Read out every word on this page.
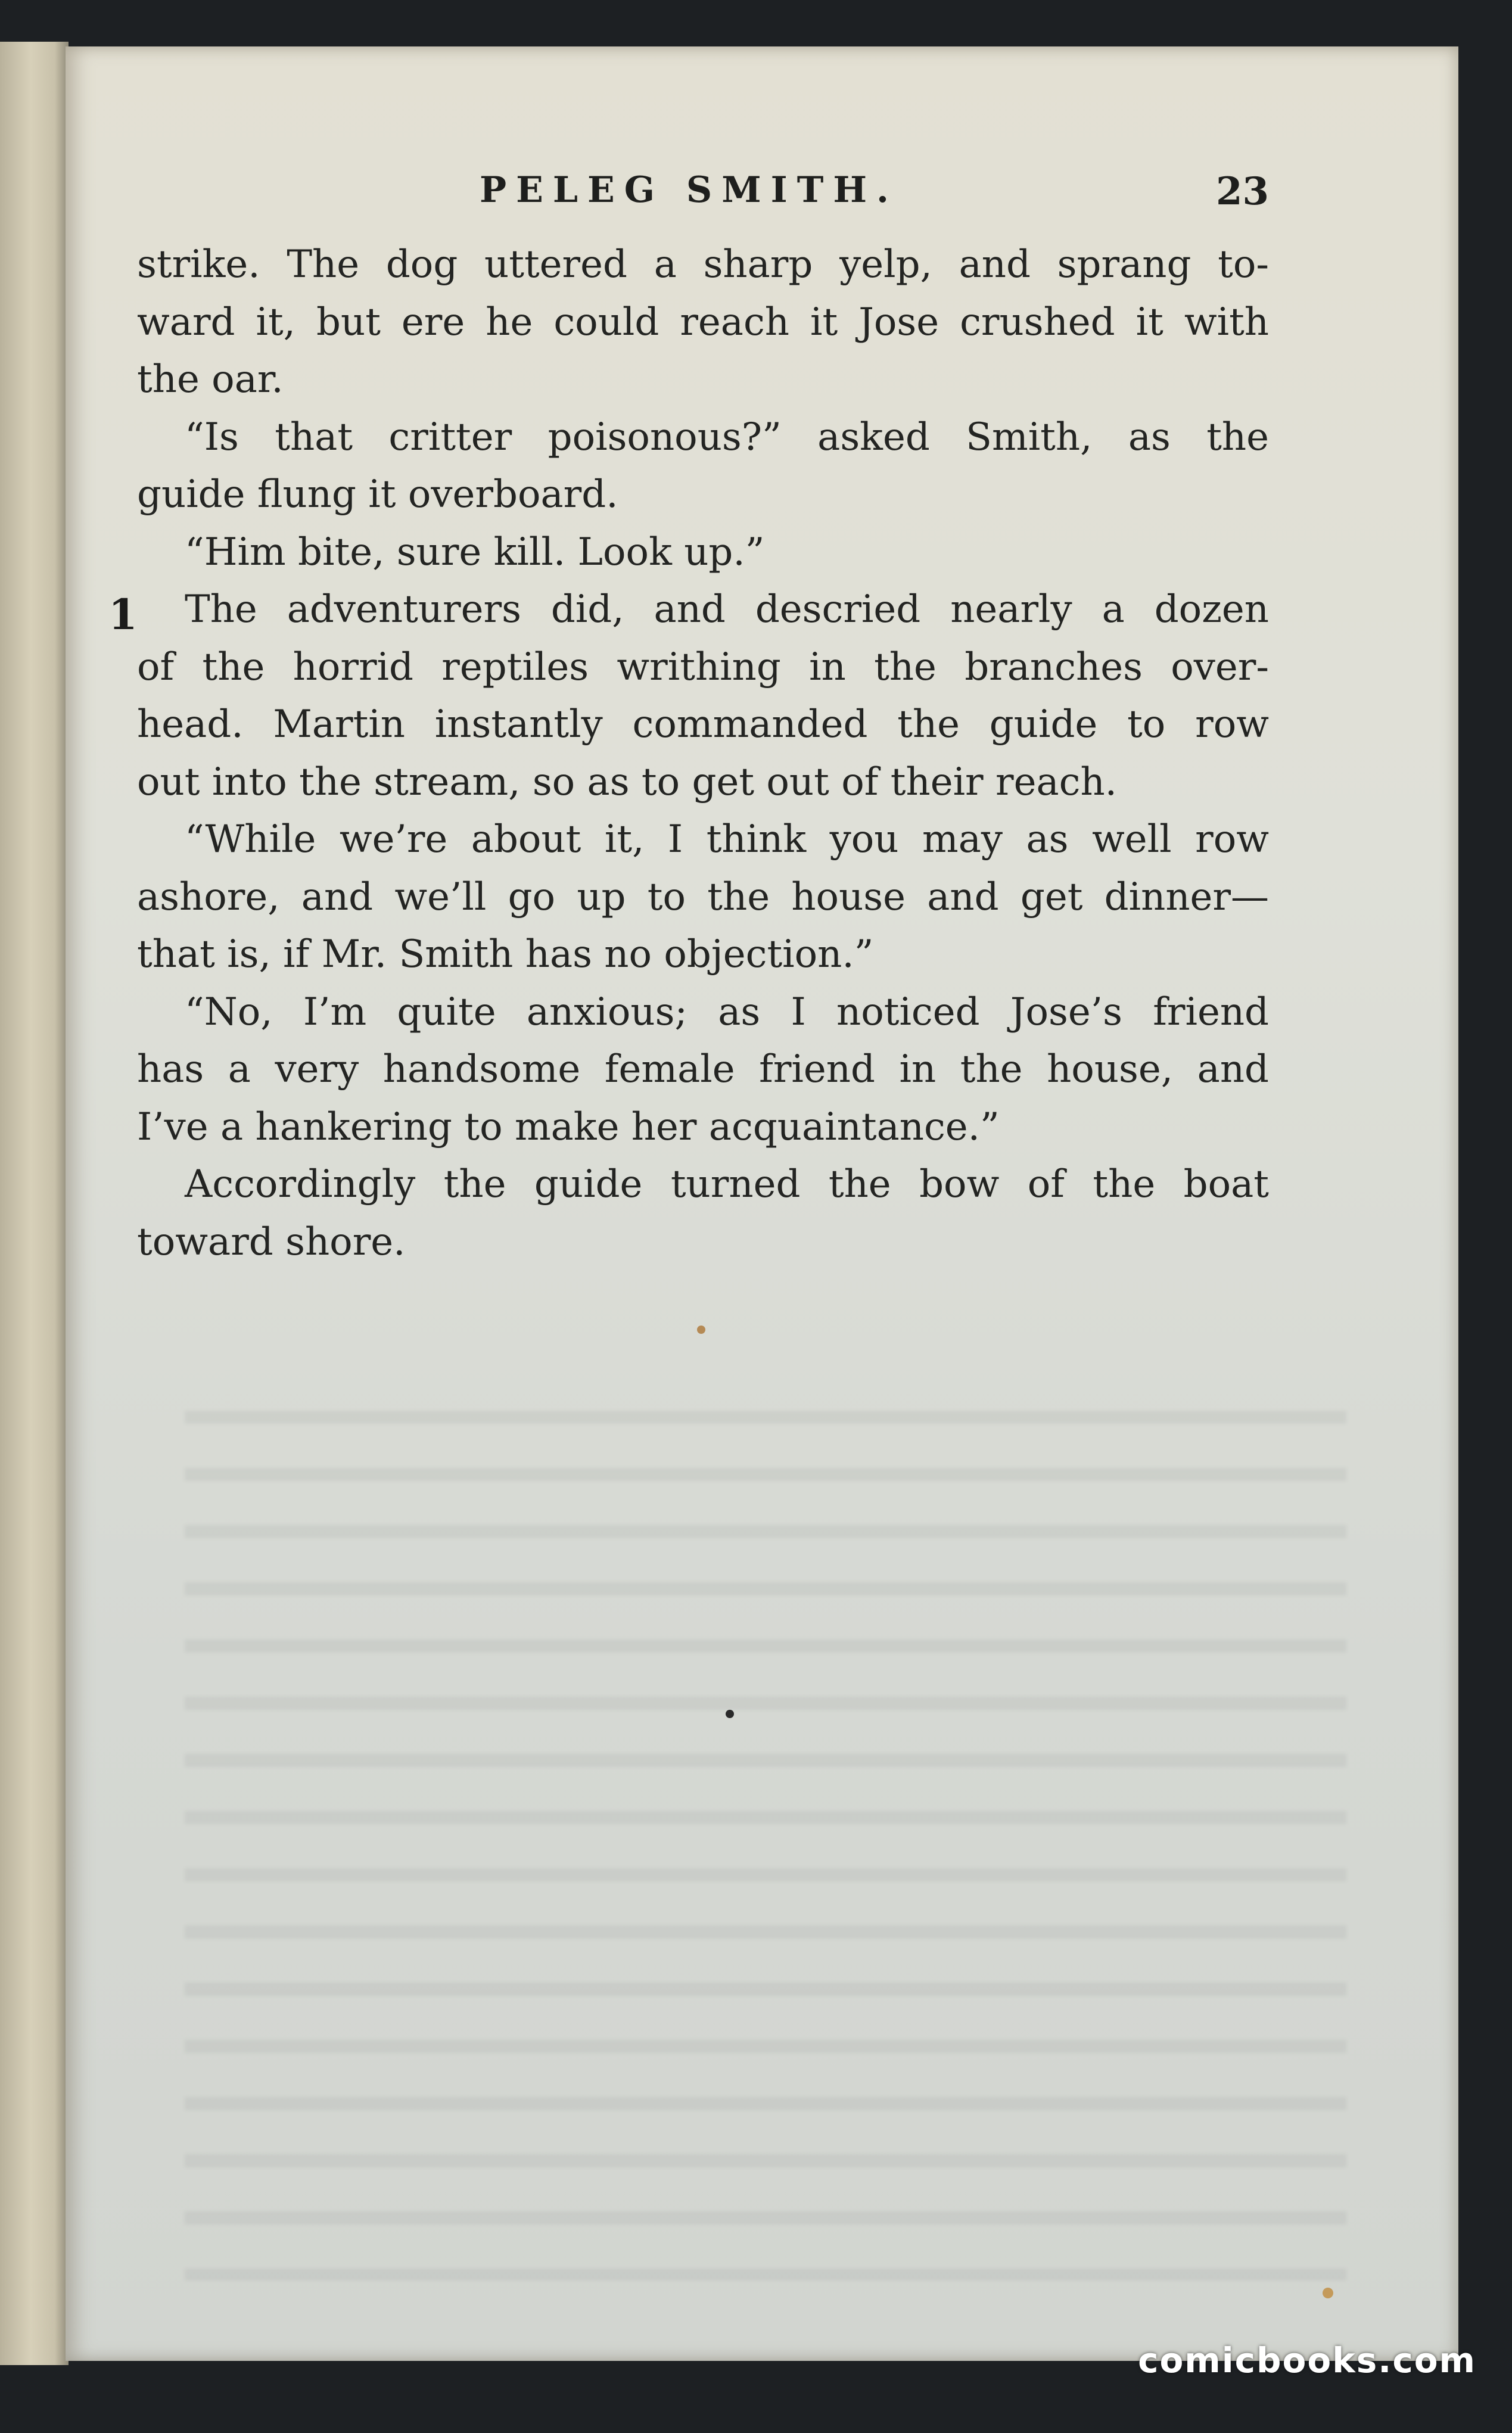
PELEG SMITH.	23
1

strike. The dog uttered a sharp yelp, and sprang to-

ward it, but ere he could reach it Jose crushed it with

the oar.

“Is that critter poisonous?” asked Smith, as the

guide flung it overboard.

“Him bite, sure kill. Look up.”

The adventurers did, and descried nearly a dozen

of the horrid reptiles writhing in the branches over-

head. Martin instantly commanded the guide to row

out into the stream, so as to get out of their reach.

“While we’re about it, I think you may as well row

ashore, and we’ll go up to the house and get dinner—

that is, if Mr. Smith has no objection.”

“No, I’m quite anxious; as I noticed Jose’s friend

has a very handsome female friend in the house, and

I’ve a hankering to make her acquaintance.”

Accordingly the guide turned the bow of the boat

toward shore.

comicbooks.com
